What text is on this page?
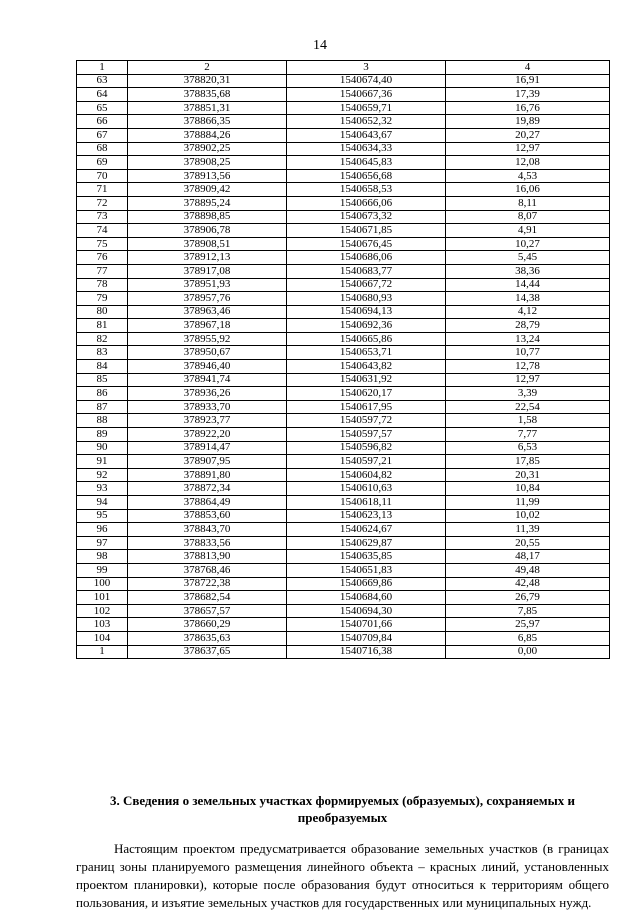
14
1	2	3	4
63	378820,31	1540674,40	16,91
64	378835,68	1540667,36	17,39
65	378851,31	1540659,71	16,76
66	378866,35	1540652,32	19,89
67	378884,26	1540643,67	20,27
68	378902,25	1540634,33	12,97
69	378908,25	1540645,83	12,08
70	378913,56	1540656,68	4,53
71	378909,42	1540658,53	16,06
72	378895,24	1540666,06	8,11
73	378898,85	1540673,32	8,07
74	378906,78	1540671,85	4,91
75	378908,51	1540676,45	10,27
76	378912,13	1540686,06	5,45
77	378917,08	1540683,77	38,36
78	378951,93	1540667,72	14,44
79	378957,76	1540680,93	14,38
80	378963,46	1540694,13	4,12
81	378967,18	1540692,36	28,79
82	378955,92	1540665,86	13,24
83	378950,67	1540653,71	10,77
84	378946,40	1540643,82	12,78
85	378941,74	1540631,92	12,97
86	378936,26	1540620,17	3,39
87	378933,70	1540617,95	22,54
88	378923,77	1540597,72	1,58
89	378922,20	1540597,57	7,77
90	378914,47	1540596,82	6,53
91	378907,95	1540597,21	17,85
92	378891,80	1540604,82	20,31
93	378872,34	1540610,63	10,84
94	378864,49	1540618,11	11,99
95	378853,60	1540623,13	10,02
96	378843,70	1540624,67	11,39
97	378833,56	1540629,87	20,55
98	378813,90	1540635,85	48,17
99	378768,46	1540651,83	49,48
100	378722,38	1540669,86	42,48
101	378682,54	1540684,60	26,79
102	378657,57	1540694,30	7,85
103	378660,29	1540701,66	25,97
104	378635,63	1540709,84	6,85
1	378637,65	1540716,38	0,00
3. Сведения о земельных участках формируемых (образуемых), сохраняемых и преобразуемых

Настоящим проектом предусматривается образование земельных участков (в границах границ зоны планируемого размещения линейного объекта – красных линий, установленных проектом планировки), которые после образования будут относиться к территориям общего пользования, и изъятие земельных участков для государственных или муниципальных нужд.
